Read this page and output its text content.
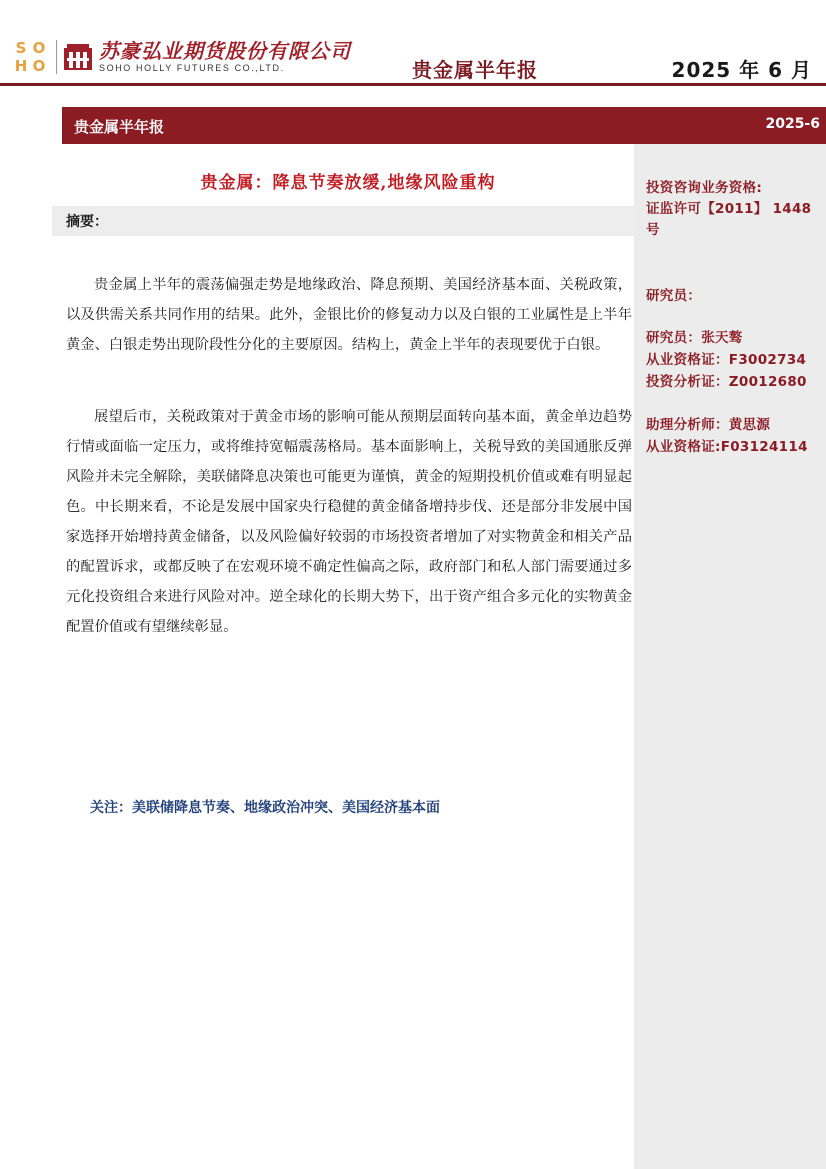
S O
H O
苏豪弘业期货股份有限公司
SOHO HOLLY FUTURES CO.,LTD.	贵金属半年报	2025 年 6 月
贵金属半年报	2025-6
投资咨询业务资格:
证监许可【2011】 1448
号
研究员：
研究员：张天骜
从业资格证：F3002734
投资分析证：Z0012680
助理分析师：黄思源
从业资格证:F03124114
贵金属：降息节奏放缓,地缘风险重构
摘要：

贵金属上半年的震荡偏强走势是地缘政治、降息预期、美国经济基本面、关税政策，以及供需关系共同作用的结果。此外，金银比价的修复动力以及白银的工业属性是上半年黄金、白银走势出现阶段性分化的主要原因。结构上，黄金上半年的表现要优于白银。

展望后市，关税政策对于黄金市场的影响可能从预期层面转向基本面，黄金单边趋势行情或面临一定压力，或将维持宽幅震荡格局。基本面影响上，关税导致的美国通胀反弹风险并未完全解除，美联储降息决策也可能更为谨慎，黄金的短期投机价值或难有明显起色。中长期来看，不论是发展中国家央行稳健的黄金储备增持步伐、还是部分非发展中国家选择开始增持黄金储备，以及风险偏好较弱的市场投资者增加了对实物黄金和相关产品的配置诉求，或都反映了在宏观环境不确定性偏高之际，政府部门和私人部门需要通过多元化投资组合来进行风险对冲。逆全球化的长期大势下，出于资产组合多元化的实物黄金配置价值或有望继续彰显。

关注：美联储降息节奏、地缘政治冲突、美国经济基本面
